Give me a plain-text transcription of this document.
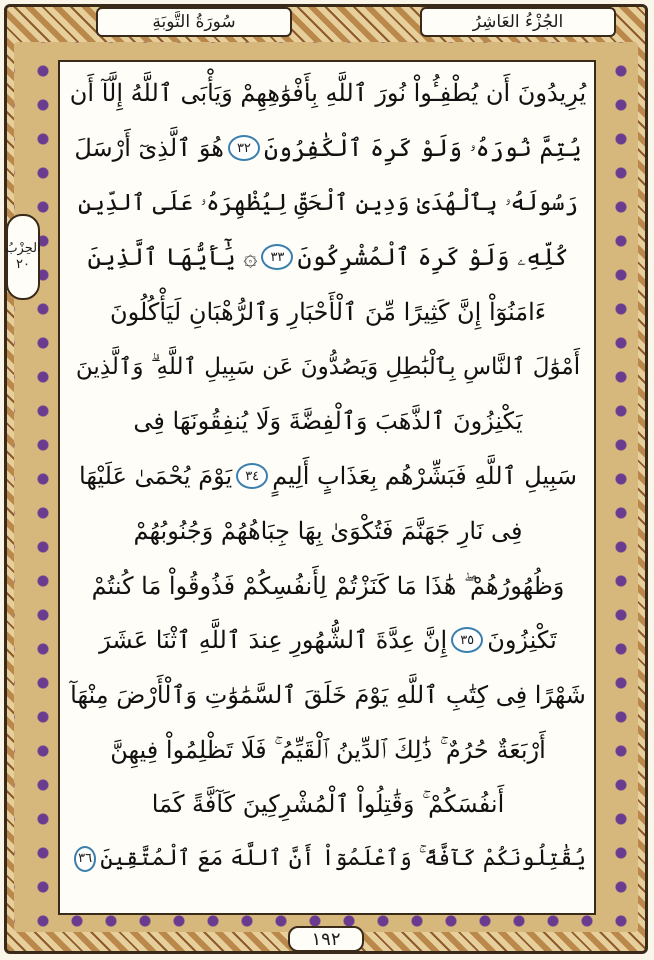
الجُزْءُ العَاشِرُ
سُورَةُ التَّوبَةِ
الحِزْبُ
٢٠
يُرِيدُونَ أَن يُطْفِـُٔواْ نُورَ ٱللَّهِ بِأَفْوَٰهِهِمْ وَيَأْبَى ٱللَّهُ إِلَّآ أَن
يُتِمَّ نُورَهُۥ وَلَوْ كَرِهَ ٱلْكَٰفِرُونَ
٣٢
هُوَ ٱلَّذِىٓ أَرْسَلَ
رَسُولَهُۥ بِٱلْهُدَىٰ وَدِينِ ٱلْحَقِّ لِيُظْهِرَهُۥ عَلَى ٱلدِّينِ
كُلِّهِۦ وَلَوْ كَرِهَ ٱلْمُشْرِكُونَ
٣٣
۞ يَٰٓأَيُّهَا ٱلَّذِينَ
ءَامَنُوٓاْ إِنَّ كَثِيرًا مِّنَ ٱلْأَحْبَارِ وَٱلرُّهْبَانِ لَيَأْكُلُونَ
أَمْوَٰلَ ٱلنَّاسِ بِٱلْبَٰطِلِ وَيَصُدُّونَ عَن سَبِيلِ ٱللَّهِ ۗ وَٱلَّذِينَ
يَكْنِزُونَ ٱلذَّهَبَ وَٱلْفِضَّةَ وَلَا يُنفِقُونَهَا فِى
سَبِيلِ ٱللَّهِ فَبَشِّرْهُم بِعَذَابٍ أَلِيمٍ
٣٤
يَوْمَ يُحْمَىٰ عَلَيْهَا
فِى نَارِ جَهَنَّمَ فَتُكْوَىٰ بِهَا جِبَاهُهُمْ وَجُنُوبُهُمْ
وَظُهُورُهُمْ ۖ هَٰذَا مَا كَنَزْتُمْ لِأَنفُسِكُمْ فَذُوقُواْ مَا كُنتُمْ
تَكْنِزُونَ
٣٥
إِنَّ عِدَّةَ ٱلشُّهُورِ عِندَ ٱللَّهِ ٱثْنَا عَشَرَ
شَهْرًا فِى كِتَٰبِ ٱللَّهِ يَوْمَ خَلَقَ ٱلسَّمَٰوَٰتِ وَٱلْأَرْضَ مِنْهَآ
أَرْبَعَةٌ حُرُمٌ ۚ ذَٰلِكَ ٱلدِّينُ ٱلْقَيِّمُ ۚ فَلَا تَظْلِمُواْ فِيهِنَّ
أَنفُسَكُمْ ۚ وَقَٰتِلُواْ ٱلْمُشْرِكِينَ كَآفَّةً كَمَا
يُقَٰتِلُونَكُمْ كَآفَّةً ۚ وَٱعْلَمُوٓاْ أَنَّ ٱللَّهَ مَعَ ٱلْمُتَّقِينَ
٣٦
١٩٢
